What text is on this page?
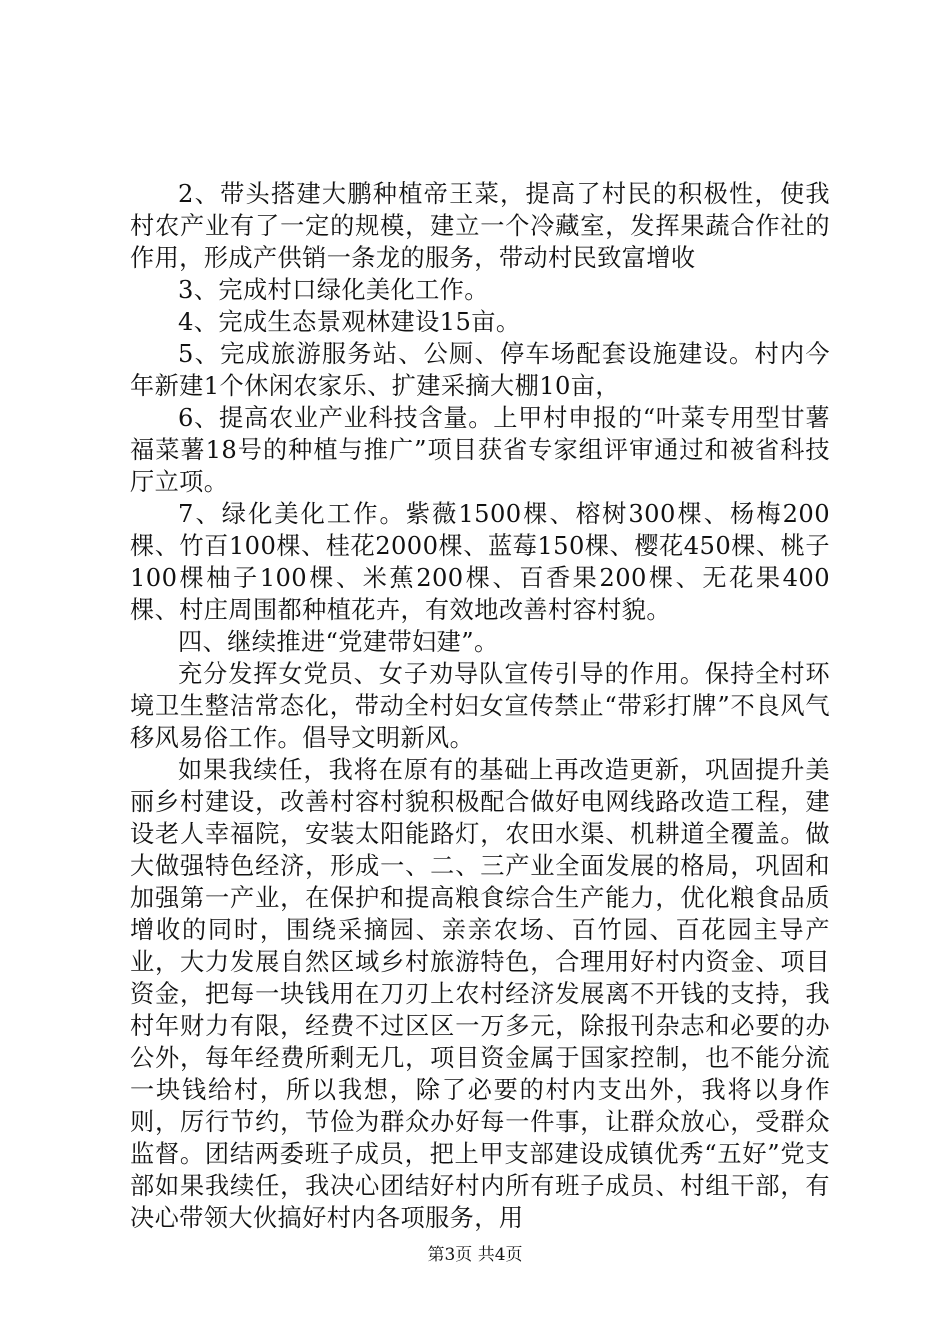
2、带头搭建大鹏种植帝王菜，提高了村民的积极性，使我村农产业有了一定的规模，建立一个冷藏室，发挥果蔬合作社的作用，形成产供销一条龙的服务，带动村民致富增收

3、完成村口绿化美化工作。

4、完成生态景观林建设15亩。

5、完成旅游服务站、公厕、停车场配套设施建设。村内今年新建1个休闲农家乐、扩建采摘大棚10亩，

6、提高农业产业科技含量。上甲村申报的“叶菜专用型甘薯福菜薯18号的种植与推广”项目获省专家组评审通过和被省科技厅立项。

7、绿化美化工作。紫薇1500棵、榕树300棵、杨梅200棵、竹百100棵、桂花2000棵、蓝莓150棵、樱花450棵、桃子100棵柚子100棵、米蕉200棵、百香果200棵、无花果400棵、村庄周围都种植花卉，有效地改善村容村貌。

四、继续推进“党建带妇建”。

充分发挥女党员、女子劝导队宣传引导的作用。保持全村环境卫生整洁常态化，带动全村妇女宣传禁止“带彩打牌”不良风气移风易俗工作。倡导文明新风。

如果我续任，我将在原有的基础上再改造更新，巩固提升美丽乡村建设，改善村容村貌积极配合做好电网线路改造工程，建设老人幸福院，安装太阳能路灯，农田水渠、机耕道全覆盖。做大做强特色经济，形成一、二、三产业全面发展的格局，巩固和加强第一产业，在保护和提高粮食综合生产能力，优化粮食品质增收的同时，围绕采摘园、亲亲农场、百竹园、百花园主导产业，大力发展自然区域乡村旅游特色，合理用好村内资金、项目资金，把每一块钱用在刀刃上农村经济发展离不开钱的支持，我村年财力有限，经费不过区区一万多元，除报刊杂志和必要的办公外，每年经费所剩无几，项目资金属于国家控制，也不能分流一块钱给村，所以我想，除了必要的村内支出外，我将以身作则，厉行节约，节俭为群众办好每一件事，让群众放心，受群众监督。团结两委班子成员，把上甲支部建设成镇优秀“五好”党支部如果我续任，我决心团结好村内所有班子成员、村组干部，有决心带领大伙搞好村内各项服务，用

第3页 共4页
